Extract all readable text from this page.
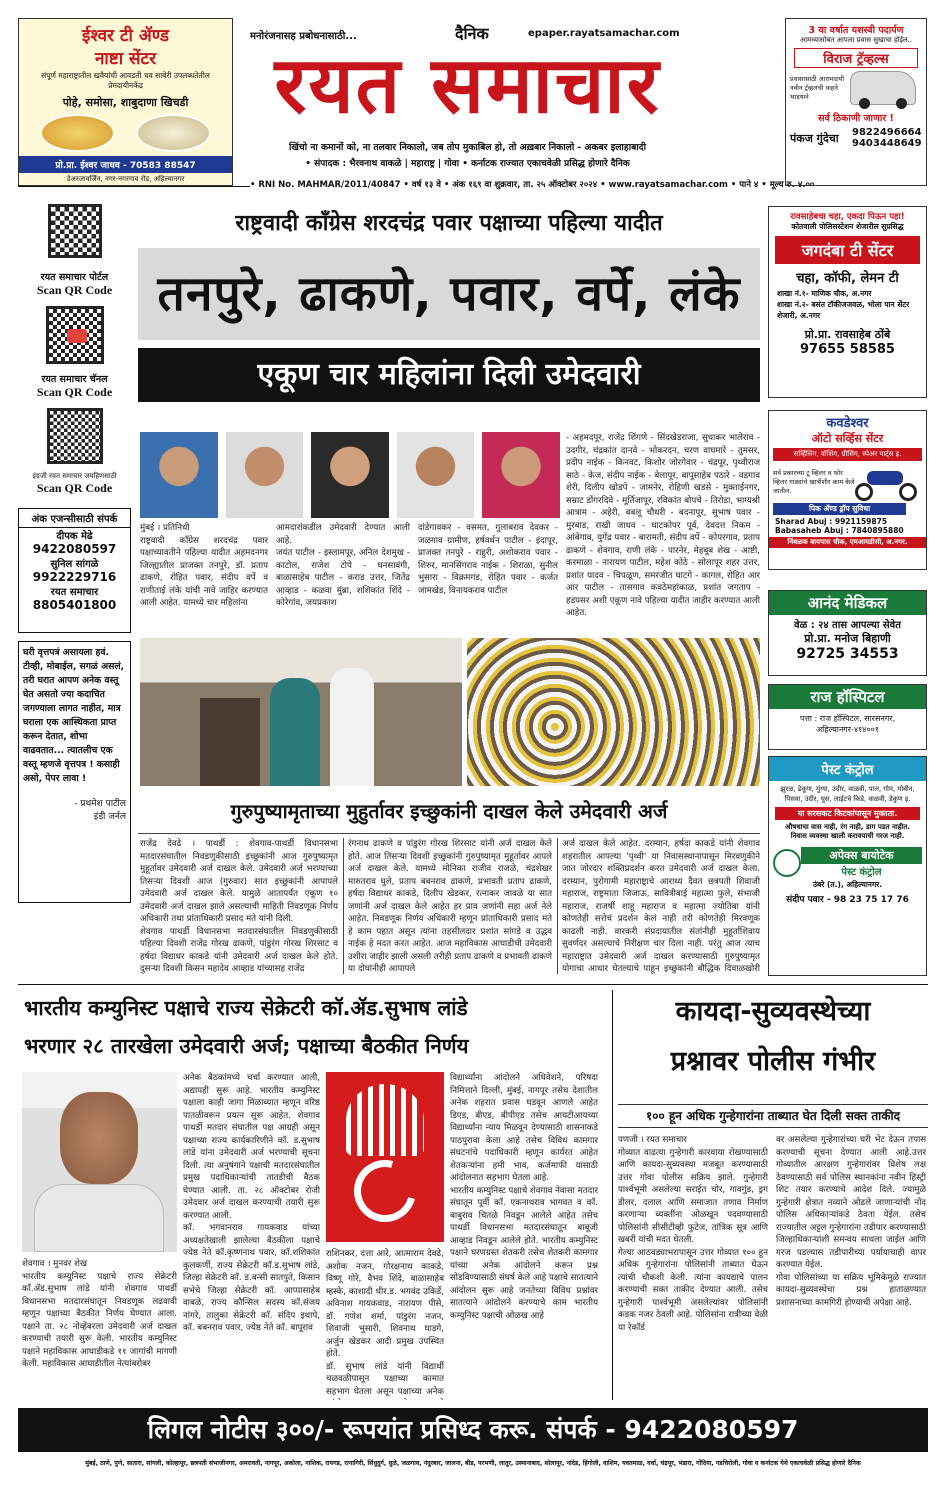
ईश्वर टी ॲण्ड
नाष्टा सेंटर
संपूर्ण महाराष्ट्रातील खवैयांची आवडती चव साबेरी उपलब्धतेतील प्रेमदायीनकेंद्र
पोहे, समोसा, शाबुदाणा खिचडी
प्रो.प्रा. ईश्वर जाधव - 70583 88547
डेअरजावर्जिन, नगर-नगरगाव रोड, अहिल्यानगर
मनोरंजनासह प्रबोधनासाठी...	दैनिक	epaper.rayatsamachar.com
रयत समाचार
खिंचो ना कमानों को, ना तलवार निकालो, जब तोप मुकाबिल हो, तो अख़बार निकालो - अकबर इलाहाबादी
• संपादक : भैरवनाथ वाकळे | महाराष्ट्र | गोवा • कर्नाटक राज्यात एकाचवेळी प्रसिद्ध होणारे दैनिक
• RNI No. MAHMAR/2011/40847 • वर्ष १३ वे • अंक १६९ वा शुक्रवार, ता. २५ ऑक्टोबर २०२४ • www.rayatsamachar.com • पाने ४ • मूल्य रु. ४.००
3 या वर्षात यशस्वी पदार्पण
आमच्यासोबत आपला प्रवास सुखाचा होईल..
विराज ट्रॅव्हल्स
प्रवासासाठी आरामदायी नवीन ट्रॅव्हलची वाहने भाडयाने
सर्व ठिकाणी जाणार !
पंकज गुंदेचा	9822496664
9403448649
रयत समाचार पोर्टल
Scan QR Code
रयत समाचार चॅनल
Scan QR Code
इंग्रजी रयत समाचार जयहिणसाठी
Scan QR Code
अंक एजन्सीसाठी संपर्क
दीपक मेढे
9422080597
सुनिल सांगळे
9922229716
रयत समाचार
8805401800
घरी वृत्तपत्रं असायला हवं. टीव्ही, मोबाईल, सगळं असलं, तरी घरात आपण अनेक वस्तू घेत असतो ज्या कदाचित जगण्याला लागत नाहीत, मात्र घराला एक आस्थिकता प्राप्त करून देतात, शोभा वाढवतात... त्यातलीच एक वस्तू म्हणजे वृत्तपत्र ! कसाही असो, पेपर लावा !
- प्रथमेश पाटील
इंडी जर्नल
राष्ट्रवादी काँग्रेस शरदचंद्र पवार पक्षाच्या पहिल्या यादीत
तनपुरे, ढाकणे, पवार, वर्पे, लंके
एकूण चार महिलांना दिली उमेदवारी
मुंबई । प्रतिनिधी
राष्ट्रवादी काँग्रेस शरदचंद्र पवार पक्षाच्यावतीने पहिल्या यादीत अहमदनगर जिल्ह्यातील प्राजक्त तनपुरे, डॉ. प्रताप ढाकणे, रोहित पवार, संदीप वर्पे व राणीताई लंके यांची नावे जाहिर करण्यात आली आहेत. यामध्ये चार महिलांना
आमदारांकडील उमेदवारी देण्यात आली आहे.
जयंत पाटील - इस्लामपूर, अनिल देशमुख - काटोल, राजेश टोपे - घनसावंगी, बाळासाहेब पाटील - कराड उत्तर, जितेंद्र आव्हाड - कळवा मुंब्रा, शशिकांत शिंदे - कोरेगांव, जयप्रकाश
दांडेगावकर - वसमत, गुलाबराव देवकर - जळगाव ग्रामीण, हर्षवर्धन पाटील - इंदापूर, प्राजक्त तनपुरे - राहुरी, अशोकराव पवार - शिरुर, मानसिंगराव नाईक - शिराळा, सुनील भुसारा - विक्रमगड, रोहित पवार - कर्जत जामखेड, विनायकराव पाटील
- अहमदपूर, राजेंद्र शिंगणे - सिंदखेडराजा, सुधाकर भालेराव - उदगीर, चंद्रकांत दानवे - भोकरदन, चरण वाघमारे - तुमसर, प्रदीप नाईक - किनवट, किशोर जोरगेवार - चंद्रपूर, पृथ्वीराज साठे - केज, संदीप नाईक - बेलापूर, बापूसाहेब पठारे - वडगाव शेरी, दिलीप खोडपे - जामनेर, रोहिणी खडसे - मुक्ताईनगर, सम्राट डोंगरदिवे - मूर्तिजापूर, रविकांत बोपचे - तिरोडा, भाग्यश्री आत्राम - अहेरी, बबलू चौधरी - बदनापूर, सुभाष पवार - मुरबाड, राखी जाधव - घाटकोपर पूर्व, देवदत्त निकम - आंबेगाव, युगेंद्र पवार - बारामती, संदीप वर्पे - कोपरगाव, प्रताप ढाकणे - शेवगाव, राणी लंके - पारनेर, मेहबूब शेख - आष्टी, करमाळा - नारायण पाटील, महेश कोठे - सोलापूर शहर उत्तर, प्रशांत यादव - चिपळूण, समरजीत घाटगे - कागल, रोहित आर आर पाटील - तासगाव कवठेमहांकाळ, प्रशांत जगताप - हडपसर अशी एकूण नावे पहिल्या यादीत जाहीर करण्यात आली आहेत.
गुरुपुष्यामृताच्या मुहुर्तावर इच्छुकांनी दाखल केले उमेदवारी अर्ज
राजेंद्र देवढे । पाथर्डी : शेवगाव-पाथर्डी विधानसभा मतदारसंघातील निवडणुकीसाठी इच्छुकांनी आज गुरुपुष्यामृत मुहूर्तावर उमेदवारी अर्ज दाखल केले. उमेदवारी अर्ज भरण्याच्या तिसऱ्या दिवशी आज (गुरुवार) सात इच्छुकांनी आपापले उमेदवारी अर्ज दाखल केले. यामुळे आतापर्यंत एकूण १० उमेदवारी अर्ज दाखल झाले असल्याची माहिती निवडणूक निर्णय अधिकारी तथा प्रांताधिकारी प्रसाद मते यांनी दिली.
शेवगाव पाथर्डी विधानसभा मतदारसंघातील निवडणुकीसाठी पहिल्या दिवशी राजेंद्र गोरख ढाकणे, पांडुरंग गोरख शिरसाट व हर्षदा विद्याधर काकडे यांनी उमेदवारी अर्ज दाखल केले होते. दुसऱ्या दिवशी किसन महादेव आव्हाड यांच्यासह राजेंद्र
रंगनाथ ढाकणे व पांडुरंग गोरख शिरसाट यांनी अर्ज दाखल केले होते. आज तिसऱ्या दिवशी इच्छुकांनी गुरुपुष्यामृत मुहूर्तावर आपले अर्ज दाखल केले. यामध्ये मोनिका राजीव राजळे, चंद्रशेखर मारुतराव घुले, प्रताप बबनराव ढाकणे, प्रभावती प्रताप ढाकणे, हर्षदा विद्याधर काकडे, दिलीप खेडकर, रत्नाकर जावळे या सात जणांनी अर्ज दाखल केले आहेत हर प्राव जणांनी सहा अर्ज नेले आहेत. निवडणूक निर्णय अधिकारी म्हणून प्रांताधिकारी प्रसाद मते हे काम पहात असून त्यांना तहसीलदार प्रशांत सांगडे व उद्धव नाईक हे मदत करत आहेत. आज महाविकास आघाडीची उमेदवारी उशीरा जाहीर झाली असली तरीही प्रताप ढाकणे व प्रभावती ढाकणे या दोघांनीही आपापले
अर्ज दाखल केले आहेत. दरम्यान, हर्षदा काकडे यांनी शेवगाव शहरातील आपल्या 'पृथ्वी' या निवासस्थानापासून मिरवणुकीने जात जोरदार शक्तिप्रदर्शन करत उमेदवारी अर्ज दाखल केला. दरम्यान, पुरोगामी महाराष्ट्राचे आराध्य दैवत छत्रपती शिवाजी महाराज, राष्ट्रमाता जिजाऊ, सावित्रीबाई महात्मा फुले, संभाजी महाराज, राजर्षी शाहू महाराज व महात्मा ज्योतिबा यांनी कोणतेही सत्तेचं प्रदर्शन केलं नाही तरी कोणतेही मिरवणूक काढली नाही. वारकरी संप्रदायातील संतांनीही मुहूर्ताशिवाय सुवर्णदर असल्याचे निरीक्षण चार दिला नाही. परंतु आज त्याच महाराष्ट्रात उमेदवारी अर्ज दाखल करण्यासाठी गुरुपुष्यामृत योगाचा आधार घेतल्याचे पाहून इच्छुकांनी बौद्धिक दिवाळखोरी
रावसाहेबचा चहा, एकदा पिऊन पहा!
कोतवाली पोलिसस्टेशन शेजारील सुप्रसिद्ध
जगदंबा टी सेंटर
चहा, कॉफी, लेमन टी
शाखा नं.१- माणिक चौक, अ.नगर
शाखा नं.२- बसंत टॉकीजजवळ, भोला पान सेंटर शेजारी, अ.नगर
प्रो.प्रा. रावसाहेब ठोंबे
97655 58585
कवडेश्वर
ऑटो सर्व्हिस सेंटर
सर्व्हिसिंग, वॉशिंग, ग्रीसिंग, स्पेअर पार्ट्स इ.
सर्व प्रकारच्या टू व्हिलर व फोर व्हिलर गाड्यांचे खात्रीशीर काम केले जातील.
पिक ॲण्ड ड्रॉप सुविधा
Sharad Abuj : 9921159875
Babasaheb Abuj : 7840895880
निंबळक बायपास चौक, एमआयडीसी, अ.नगर.
आनंद मेडिकल
वेळ : २४ तास आपल्या सेवेत
प्रो.प्रा. मनोज बिहाणी
92725 34553
राज हॉस्पिटल
पत्ता : राज हॉस्पिटल, सारसनगर, अहिल्यानगर-४१४००१
पेस्ट कंट्रोल
झुरळ, ढेकूण, मुंग्या, उंदीर, वाळवी, पाल, गोम, मोबीन, पिसवा, उंदीर, घुस, लाईटचे किडे, वाळवी, डेकुण इ.
या सरसकट किटकांपासून मुक्तता.
औषधाचा वास नाही, रंग नाही, डाग पडत नाहीत.
निवास व्यवस्था खाली करावयाची गरज नाही.
अपेक्स बायोटेक
पेस्ट कंट्रोल
उंबरे (त.), अहिल्यानगर.
संदीप पवार - 98 23 75 17 76
भारतीय कम्युनिस्ट पक्षाचे राज्य सेक्रेटरी कॉ.ॲड.सुभाष लांडे
भरणार २८ तारखेला उमेदवारी अर्ज; पक्षाच्या बैठकीत निर्णय
शेवगाव । मुनवर शेख
भारतीय कम्युनिस्ट पक्षाचे राज्य सेक्रेटरी कॉ.ॲड.सुभाष लांडे यांनी शेवगाव पाथर्डी विधानसभा मतदारसंघातून निवडणूक लढवावी म्हणून पक्षाच्या बैठकीत निर्णय घेण्यात आला. पक्षाने ता. २८ नोव्हेंबरला उमेदवारी अर्ज दाखल करण्याची तयारी सुरू केली. भारतीय कम्युनिस्ट पक्षाने महाविकास आघाडीकडे ११ जागांची मागणी केली. महाविकास आघाडीतील नेत्यांबरोबर
अनेक बैठकांमध्ये चर्चा करण्यात आली, अद्यापही सुरू आहे. भारतीय कम्युनिस्ट पक्षाला काही जागा मिळाव्यात म्हणून वरिष्ठ पातळीवरून प्रयत्न सुरू आहेत. शेवगाव पाथर्डी मतदार संघातील पक्ष आग्रही असून पक्षाच्या राज्य कार्यकारिणीने कॉ. ड.सुभाष लांडे यांना उमेदवारी अर्ज भरण्याची सूचना दिली. त्या अनुषंगाने पक्षाची मतदारसंघातील प्रमुख पदाधिकाऱ्यांची तातडीची बैठक घेण्यात आली. ता. २८ ऑक्टोबर रोजी उमेदवार अर्ज दाखल करण्याची तयारी सुरू करण्यात आली.
कॉ. भगवानराव गायकवाड यांच्या अध्यक्षतेखाली झालेल्या बैठकीला पक्षाचे ज्येष्ठ नेते कॉ.कृष्णनाथ पवार, कॉ.शशिकांत कुलकर्णी, राज्य सेक्रेटरी कॉ.ड.सुभाष लांडे, जिल्हा सेक्रेटरी कॉ. ड.बन्सी सातपुते, किसान सभेचे जिल्हा सेक्रेटरी कॉ. आप्पासाहेब वाबळे, राज्य कौन्सिल सदस्य कॉ.संजय नांगरे, तालुका सेक्रेटरी कॉ. संदिप इथापे, कॉ. बबनराव पवार, ज्येष्ठ नेते कॉ. बापूराव
राशिनकर, दत्ता आरे, आत्माराम देवढे, अशोक नजन, गोरक्षनाथ काकडे, विष्णू गोरे, वैभव शिंदे, बाळासाहेब म्हस्के, काशादी धीर.ड. भगवंद उकिर्डे, अविनाश गायकवाड, नारायण पीसे, डॉ. गणेश शर्मा, पांडुरंग नजन, शिवाजी भुसारी, शिवनाथ घाडगे, अर्जुन खेडकर आदी प्रमुख उपस्थित होते.
डॉ. सुभाष लांडे यांनी विद्यार्थी चळवळीपासून पक्षाच्या कामात सहभाग घेतला असून पक्षाच्या अनेक
विद्यार्थ्यांना आंदोलने अधिवेशने, परिषदा निमित्ताने दिल्ली, मुंबई, नागपूर तसेच देशातील अनेक शहरात प्रवास घडवून आणले आहेत डिएड, बीएड, बीपीएड तसेच आयटीआयच्या विद्यार्थ्यांना न्याय मिळवून देण्यासाठी शासनाकडे पाठपुरावा केला आहे तसेच विविध कामगार संघटनांचे पदाधिकारी म्हणून कार्यरत आहेत शेतकऱ्यांना हमी भाव, कर्जमाफी यासाठी आंदोलनात सहभाग घेतला आहे.
भारतीय कम्युनिस्ट पक्षाचे शेवगाव नेवासा मतदार संघातून पूर्वी कॉ. एकनाथराव भागवत व कॉ. बाबुराव चितळे निवडून आलेले आहेत तसेच पाथर्डी विधानसभा मतदारसंघातून बाबूजी आव्हाड निवडून आलेले होते. भारतीय कम्युनिस्ट पक्षाने घरणग्रस्त शेतकरी तसेच शेतकरी कामगार यांच्या अनेक आंदोलने करून प्रश्न सोडविण्यासाठी संघर्ष केले आहे पक्षाचे सातत्याने आंदोलन सुरू आहे जनतेच्या विविध प्रश्नांवर सातत्याने आंदोलने करण्याचे काम भारतीय कम्युनिस्ट पक्षाची ओळख आहे
कायदा-सुव्यवस्थेच्या
प्रश्नावर पोलीस गंभीर
१०० हून अधिक गुन्हेगारांना ताब्यात घेत दिली सक्त ताकीद
पणजी । रयत समाचार
गोव्यात वाढत्या गुन्हेगारी कारवाया रोखण्यासाठी आणि कायदा-सुव्यवस्था मजबूत करण्यासाठी उत्तर गोवा पोलीस सक्रिय झाले. गुन्हेगारी पार्श्वभूमी असलेल्या सराईत चोर, गावगुंड, ड्रग डीलर, दलाल आणि समाजात तणाव निर्माण करणाऱ्या व्यक्तींना ओळखून पदवण्यासाठी पोलिसांनी सीसीटीव्ही फुटेज, तांत्रिक सूत्र आणि खबरी यांची मदत घेतली.
गेल्या आठवड्याभरापासून उत्तर गोव्यात १०० हून अधिक गुन्हेगारांना पोलिसांनी ताब्यात घेऊन त्यांची चौकशी केली. त्यांना कायद्याचे पालन करण्याची सक्त ताकीद देण्यात आली. तसेच गुन्हेगारी पार्श्वभूमी असलेल्यांवर पोलिसांनी कडक नजर ठेवली आहे. पोलिसांना रात्रीच्या वेळी या रेकॉर्ड
वर असलेल्या गुन्हेगारांच्या घरी भेट देऊन तपास करण्याची सूचना देण्यात आली आहे.उत्तर गोव्यातील आरक्षण गुन्हेगारांवर विशेष लक्ष ठेवण्यासाठी सर्व पोलिस स्थानकांना नवीन हिस्ट्री शिट तयार करण्याचे आदेश दिले. ज्यामुळे गुन्हेगारी क्षेत्रात नव्याने ओढले जाणाऱ्यांची नोंद पोलिस अधिकाऱ्यांकडे ठेवता येईल. तसेच राज्यातील अट्टल गुन्हेगारांना तडीपार करण्यासाठी जिल्हाधिकाऱ्यांशी समन्वय साधला जाईल आणि गरज पडल्यास तडीपारीच्या पर्यायाचाही वापर करण्यात येईल.
गोवा पोलिसांच्या या सक्रिय भूमिकेमुळे राज्यात कायदा-सुव्यवस्थेचा प्रश्न हाताळण्यात प्रशासनाच्या कामगिरी होण्याची अपेक्षा आहे.
लिगल नोटीस ३००/- रूपयांत प्रसिध्द करू. संपर्क - 9422080597
मुंबई, ठाणे, पुणे, सातारा, सांगली, कोल्हापूर, छत्रपती संभाजीनगर, अमरावती, नागपूर, अकोला, नाशिक, रायगड, रत्नागिरी, सिंधुदुर्ग, धुळे, जळगाव, नंदुरबार, जालना, बीड, परभणी, लातूर, उस्मानाबाद, सोलापूर, नांदेड, हिंगोली, वाशिम, यवतमाळ, वर्धा, चंद्रपूर, भंडारा, गोंदिया, गडचिरोली, गोवा व कर्नाटक येथे एकाचवेळी प्रसिद्ध होणारे दैनिक
